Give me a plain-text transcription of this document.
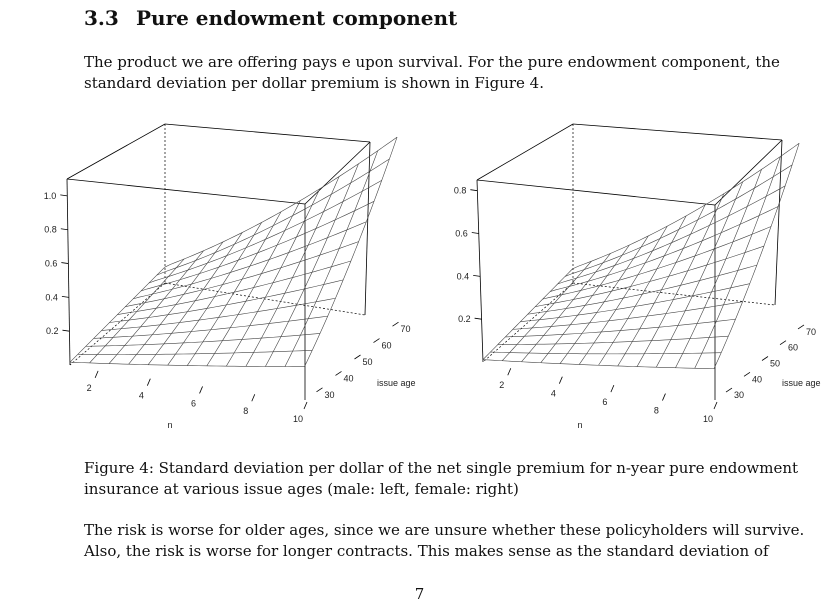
3.3 Pure endowment component

The product we are offering pays e upon survival. For the pure endowment component, the
standard deviation per dollar premium is shown in Figure 4.

2
4
6
8
10
30
40
50
60
70
0.2
0.4
0.6
0.8
1.0
n
issue age	2
4
6
8
10
30
40
50
60
70
0.2
0.4
0.6
0.8
n
issue age

Figure 4: Standard deviation per dollar of the net single premium for n-year pure endowment
insurance at various issue ages (male: left, female: right)

The risk is worse for older ages, since we are unsure whether these policyholders will survive.
Also, the risk is worse for longer contracts. This makes sense as the standard deviation of

7
